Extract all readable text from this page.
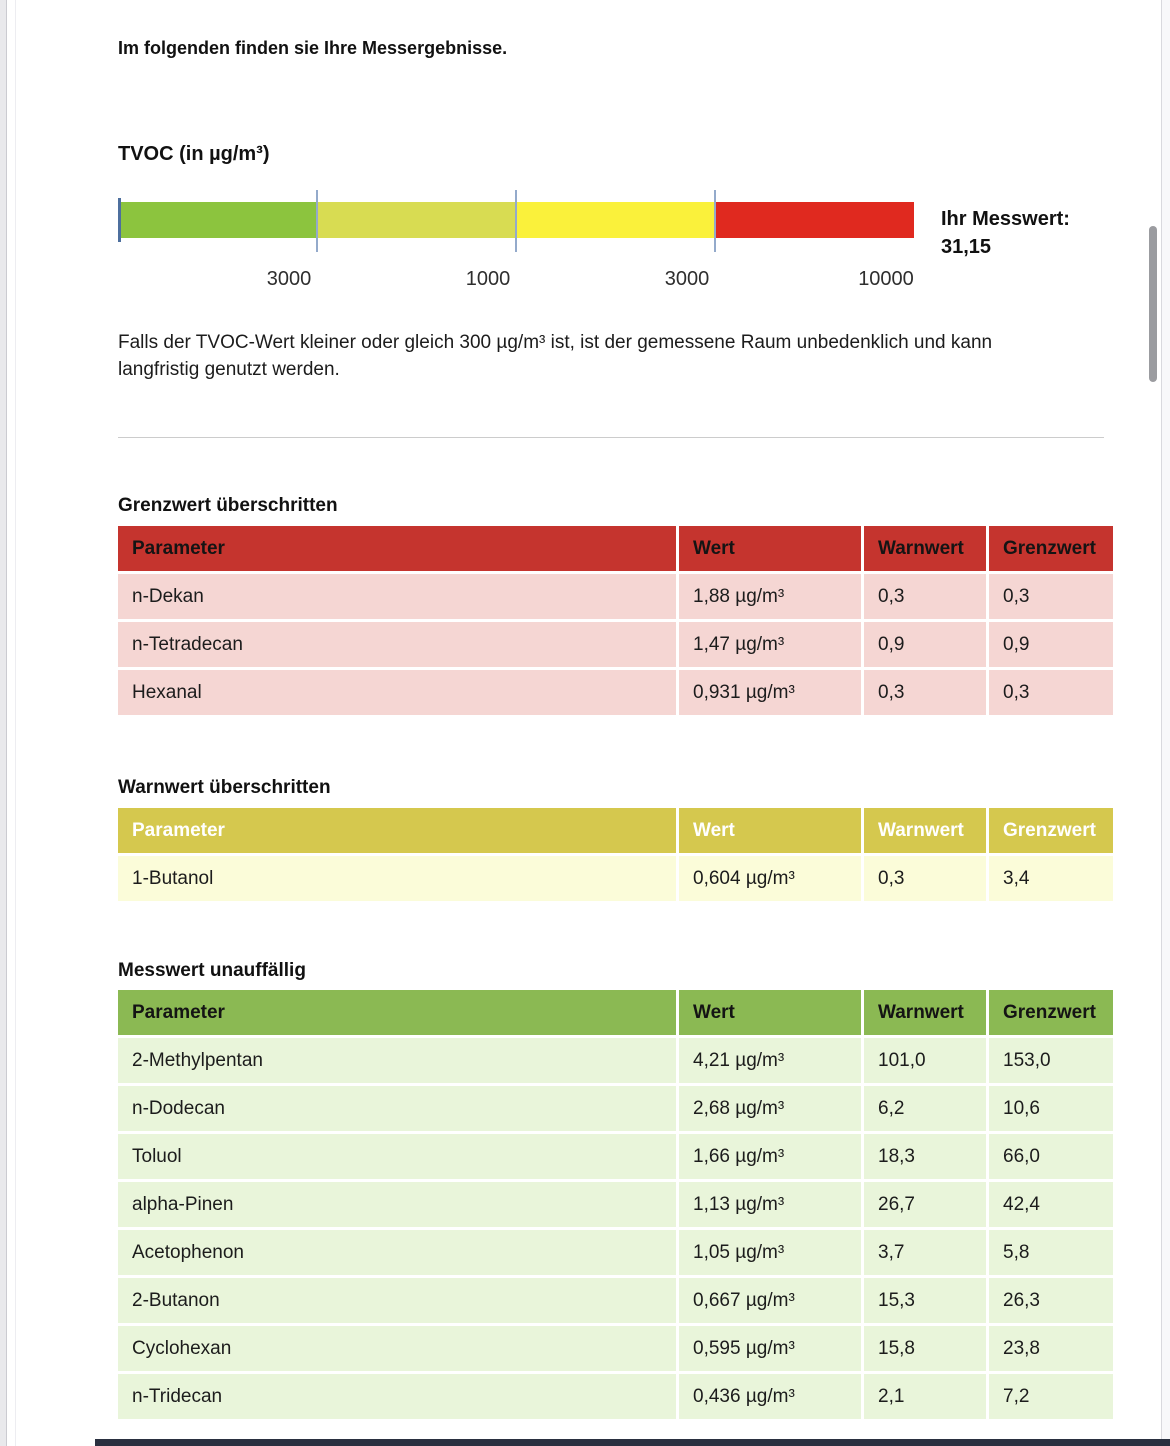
Im folgenden finden sie Ihre Messergebnisse.
TVOC (in µg/m³)
3000	1000	3000	10000
Ihr Messwert:
31,15
Falls der TVOC-Wert kleiner oder gleich 300 µg/m³ ist, ist der gemessene Raum unbedenklich und kann langfristig genutzt werden.
Grenzwert überschritten
Parameter	Wert	Warnwert	Grenzwert
n-Dekan	1,88 µg/m³	0,3	0,3
n-Tetradecan	1,47 µg/m³	0,9	0,9
Hexanal	0,931 µg/m³	0,3	0,3
Warnwert überschritten
Parameter	Wert	Warnwert	Grenzwert
1-Butanol	0,604 µg/m³	0,3	3,4
Messwert unauffällig
Parameter	Wert	Warnwert	Grenzwert
2-Methylpentan	4,21 µg/m³	101,0	153,0
n-Dodecan	2,68 µg/m³	6,2	10,6
Toluol	1,66 µg/m³	18,3	66,0
alpha-Pinen	1,13 µg/m³	26,7	42,4
Acetophenon	1,05 µg/m³	3,7	5,8
2-Butanon	0,667 µg/m³	15,3	26,3
Cyclohexan	0,595 µg/m³	15,8	23,8
n-Tridecan	0,436 µg/m³	2,1	7,2
